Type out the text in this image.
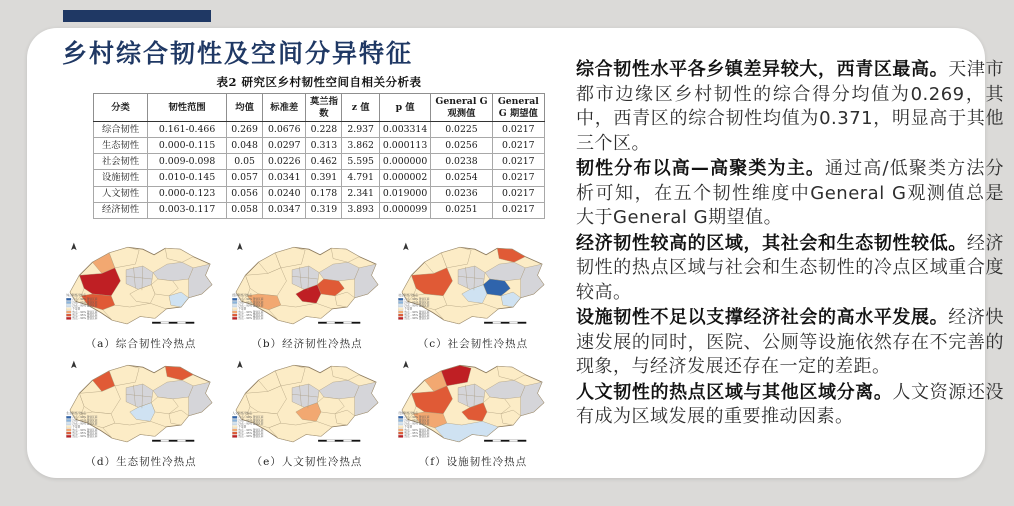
乡村综合韧性及空间分异特征
表2 研究区乡村韧性空间自相关分析表
分类	韧性范围	均值	标准差	莫兰指数	z 值	p 值	General G 观测值	General G 期望值
综合韧性	0.161-0.466	0.269	0.0676	0.228	2.937	0.003314	0.0225	0.0217
生态韧性	0.000-0.115	0.048	0.0297	0.313	3.862	0.000113	0.0256	0.0217
社会韧性	0.009-0.098	0.05	0.0226	0.462	5.595	0.000000	0.0238	0.0217
设施韧性	0.010-0.145	0.057	0.0341	0.391	4.791	0.000002	0.0254	0.0217
人文韧性	0.000-0.123	0.056	0.0240	0.178	2.341	0.019000	0.0236	0.0217
经济韧性	0.003-0.117	0.058	0.0347	0.319	3.893	0.000099	0.0251	0.0217
综合韧性冷热点
冷点 - 99% 置信区间
冷点 - 95% 置信区间
冷点 - 90% 置信区间
不显著
热点 - 90% 置信区间
热点 - 95% 置信区间
热点 - 99% 置信区间
（a）综合韧性冷热点
经济韧性冷热点
冷点 - 99% 置信区间
冷点 - 95% 置信区间
冷点 - 90% 置信区间
不显著
热点 - 90% 置信区间
热点 - 95% 置信区间
热点 - 99% 置信区间
（b）经济韧性冷热点
社会韧性冷热点
冷点 - 99% 置信区间
冷点 - 95% 置信区间
冷点 - 90% 置信区间
不显著
热点 - 90% 置信区间
热点 - 95% 置信区间
热点 - 99% 置信区间
（c）社会韧性冷热点
生态韧性冷热点
冷点 - 99% 置信区间
冷点 - 95% 置信区间
冷点 - 90% 置信区间
不显著
热点 - 90% 置信区间
热点 - 95% 置信区间
热点 - 99% 置信区间
（d）生态韧性冷热点
人文韧性冷热点
冷点 - 99% 置信区间
冷点 - 95% 置信区间
冷点 - 90% 置信区间
不显著
热点 - 90% 置信区间
热点 - 95% 置信区间
热点 - 99% 置信区间
（e）人文韧性冷热点
设施韧性冷热点
冷点 - 99% 置信区间
冷点 - 95% 置信区间
冷点 - 90% 置信区间
不显著
热点 - 90% 置信区间
热点 - 95% 置信区间
热点 - 99% 置信区间
（f）设施韧性冷热点

综合韧性水平各乡镇差异较大，西青区最高。天津市都市边缘区乡村韧性的综合得分均值为0.269，其中，西青区的综合韧性均值为0.371，明显高于其他三个区。

韧性分布以高—高聚类为主。通过高/低聚类方法分析可知，在五个韧性维度中General G观测值总是大于General G期望值。

经济韧性较高的区域，其社会和生态韧性较低。经济韧性的热点区域与社会和生态韧性的冷点区域重合度较高。

设施韧性不足以支撑经济社会的高水平发展。经济快速发展的同时，医院、公厕等设施依然存在不完善的现象，与经济发展还存在一定的差距。

人文韧性的热点区域与其他区域分离。人文资源还没有成为区域发展的重要推动因素。
